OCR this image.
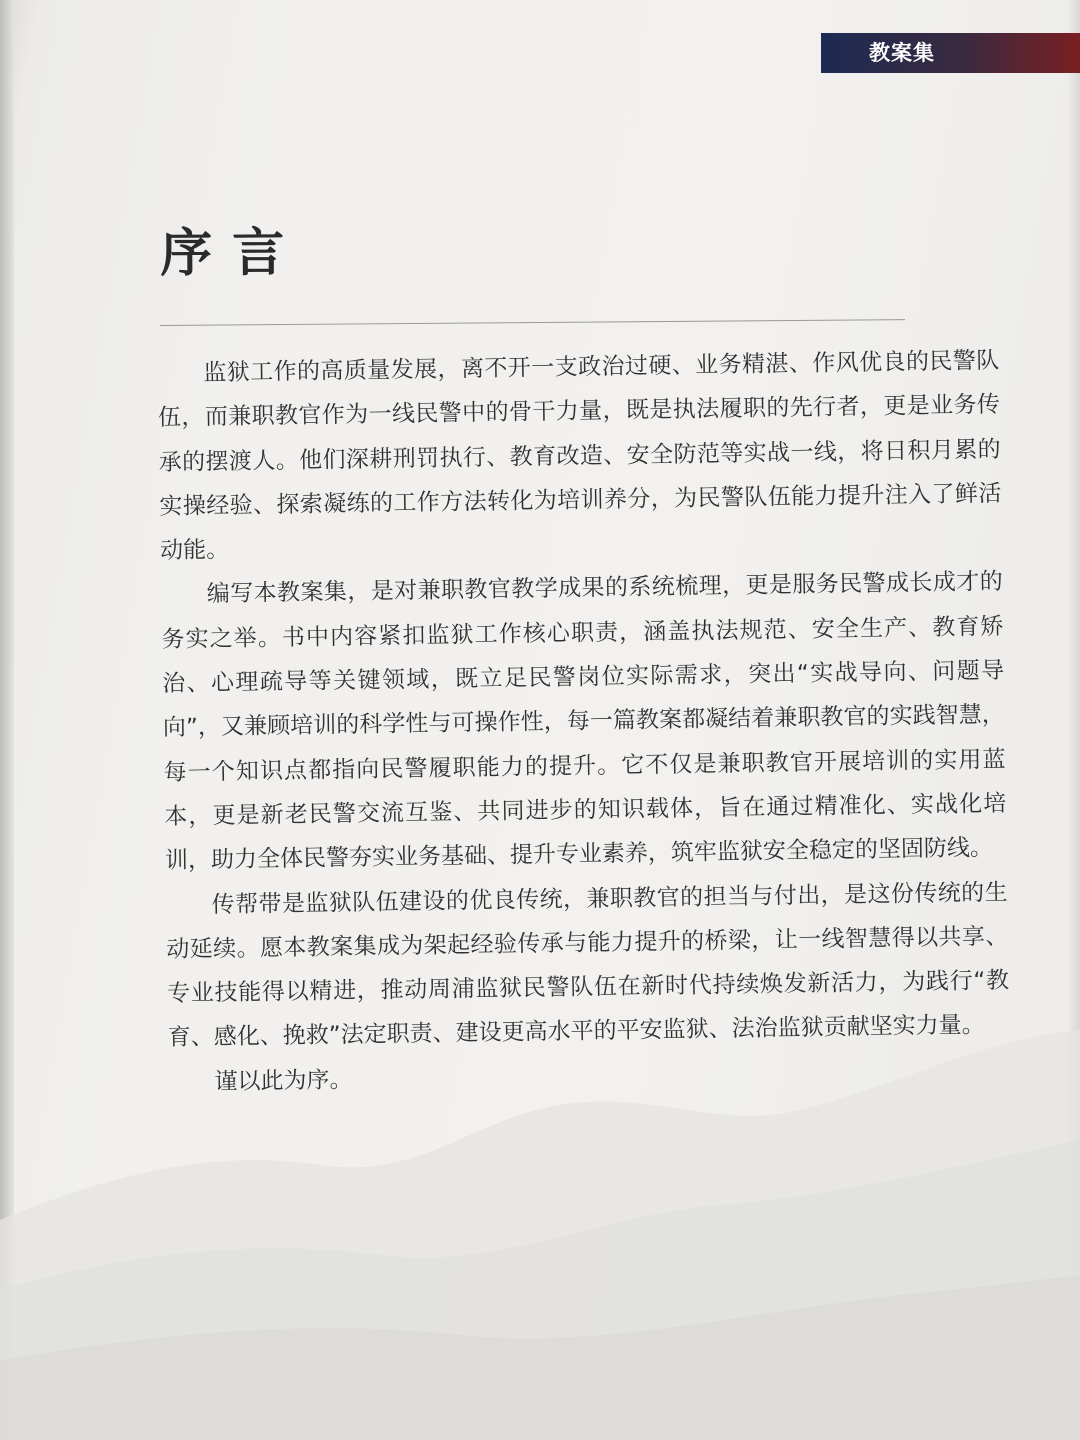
教案集
序言

监狱工作的高质量发展，离不开一支政治过硬、业务精湛、作风优良的民警队伍，而兼职教官作为一线民警中的骨干力量，既是执法履职的先行者，更是业务传承的摆渡人。他们深耕刑罚执行、教育改造、安全防范等实战一线，将日积月累的实操经验、探索凝练的工作方法转化为培训养分，为民警队伍能力提升注入了鲜活动能。

编写本教案集，是对兼职教官教学成果的系统梳理，更是服务民警成长成才的务实之举。书中内容紧扣监狱工作核心职责，涵盖执法规范、安全生产、教育矫治、心理疏导等关键领域，既立足民警岗位实际需求，突出“实战导向、问题导向”，又兼顾培训的科学性与可操作性，每一篇教案都凝结着兼职教官的实践智慧，每一个知识点都指向民警履职能力的提升。它不仅是兼职教官开展培训的实用蓝本，更是新老民警交流互鉴、共同进步的知识载体，旨在通过精准化、实战化培训，助力全体民警夯实业务基础、提升专业素养，筑牢监狱安全稳定的坚固防线。

传帮带是监狱队伍建设的优良传统，兼职教官的担当与付出，是这份传统的生动延续。愿本教案集成为架起经验传承与能力提升的桥梁，让一线智慧得以共享、专业技能得以精进，推动周浦监狱民警队伍在新时代持续焕发新活力，为践行“教育、感化、挽救”法定职责、建设更高水平的平安监狱、法治监狱贡献坚实力量。

谨以此为序。
